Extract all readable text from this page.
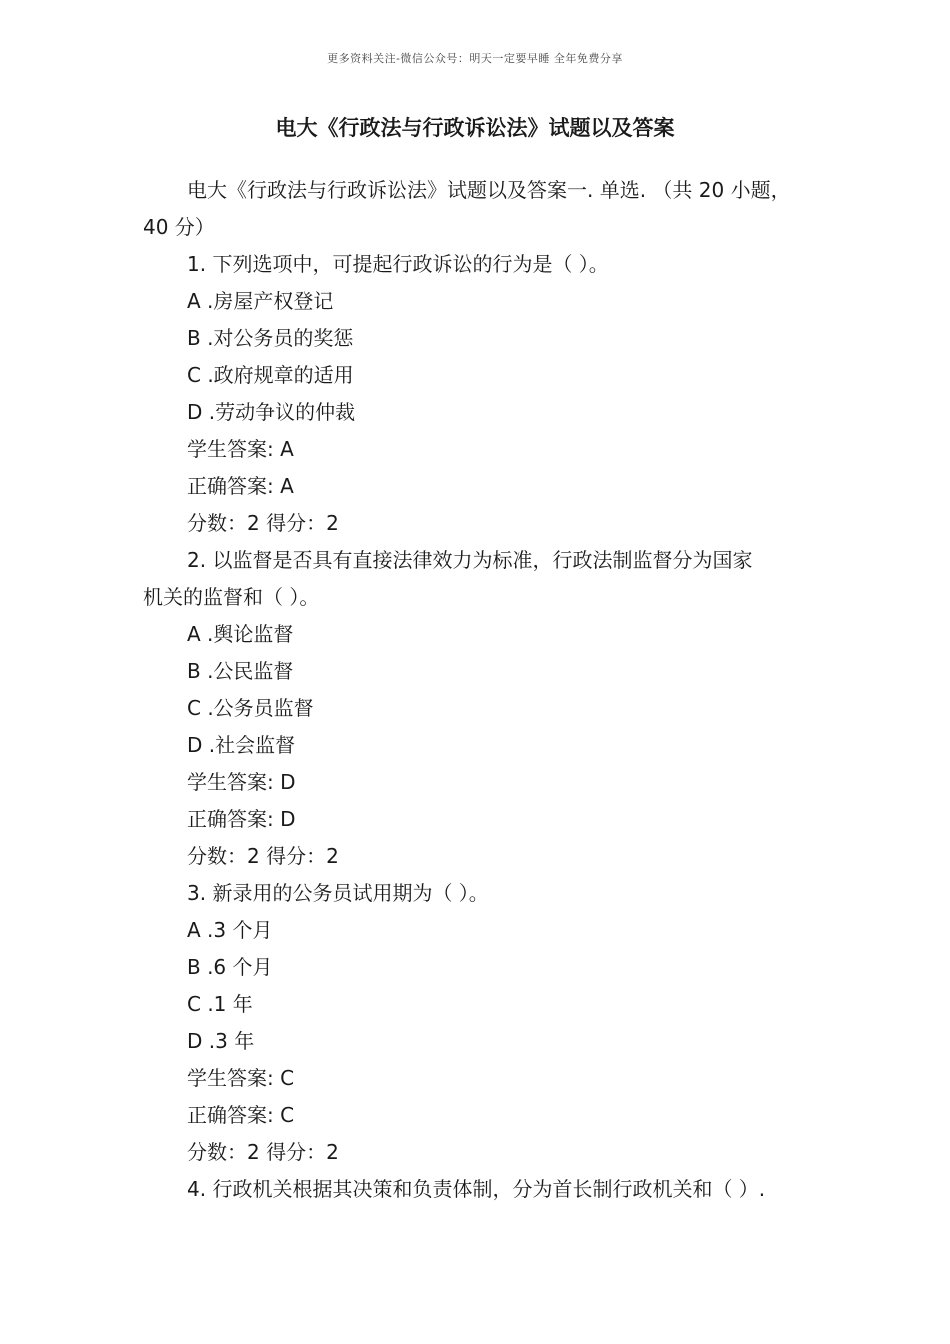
更多资料关注-微信公众号：明天一定要早睡 全年免费分享
电大《行政法与行政诉讼法》试题以及答案
电大《行政法与行政诉讼法》试题以及答案一. 单选. （共 20 小题，
40 分）
1. 下列选项中，可提起行政诉讼的行为是（ ）。
A .房屋产权登记
B .对公务员的奖惩
C .政府规章的适用
D .劳动争议的仲裁
学生答案: A
正确答案: A
分数：2 得分：2
2. 以监督是否具有直接法律效力为标准，行政法制监督分为国家
机关的监督和（ ）。
A .舆论监督
B .公民监督
C .公务员监督
D .社会监督
学生答案: D
正确答案: D
分数：2 得分：2
3. 新录用的公务员试用期为（ ）。
A .3 个月
B .6 个月
C .1 年
D .3 年
学生答案: C
正确答案: C
分数：2 得分：2
4. 行政机关根据其决策和负责体制，分为首长制行政机关和（ ）.
